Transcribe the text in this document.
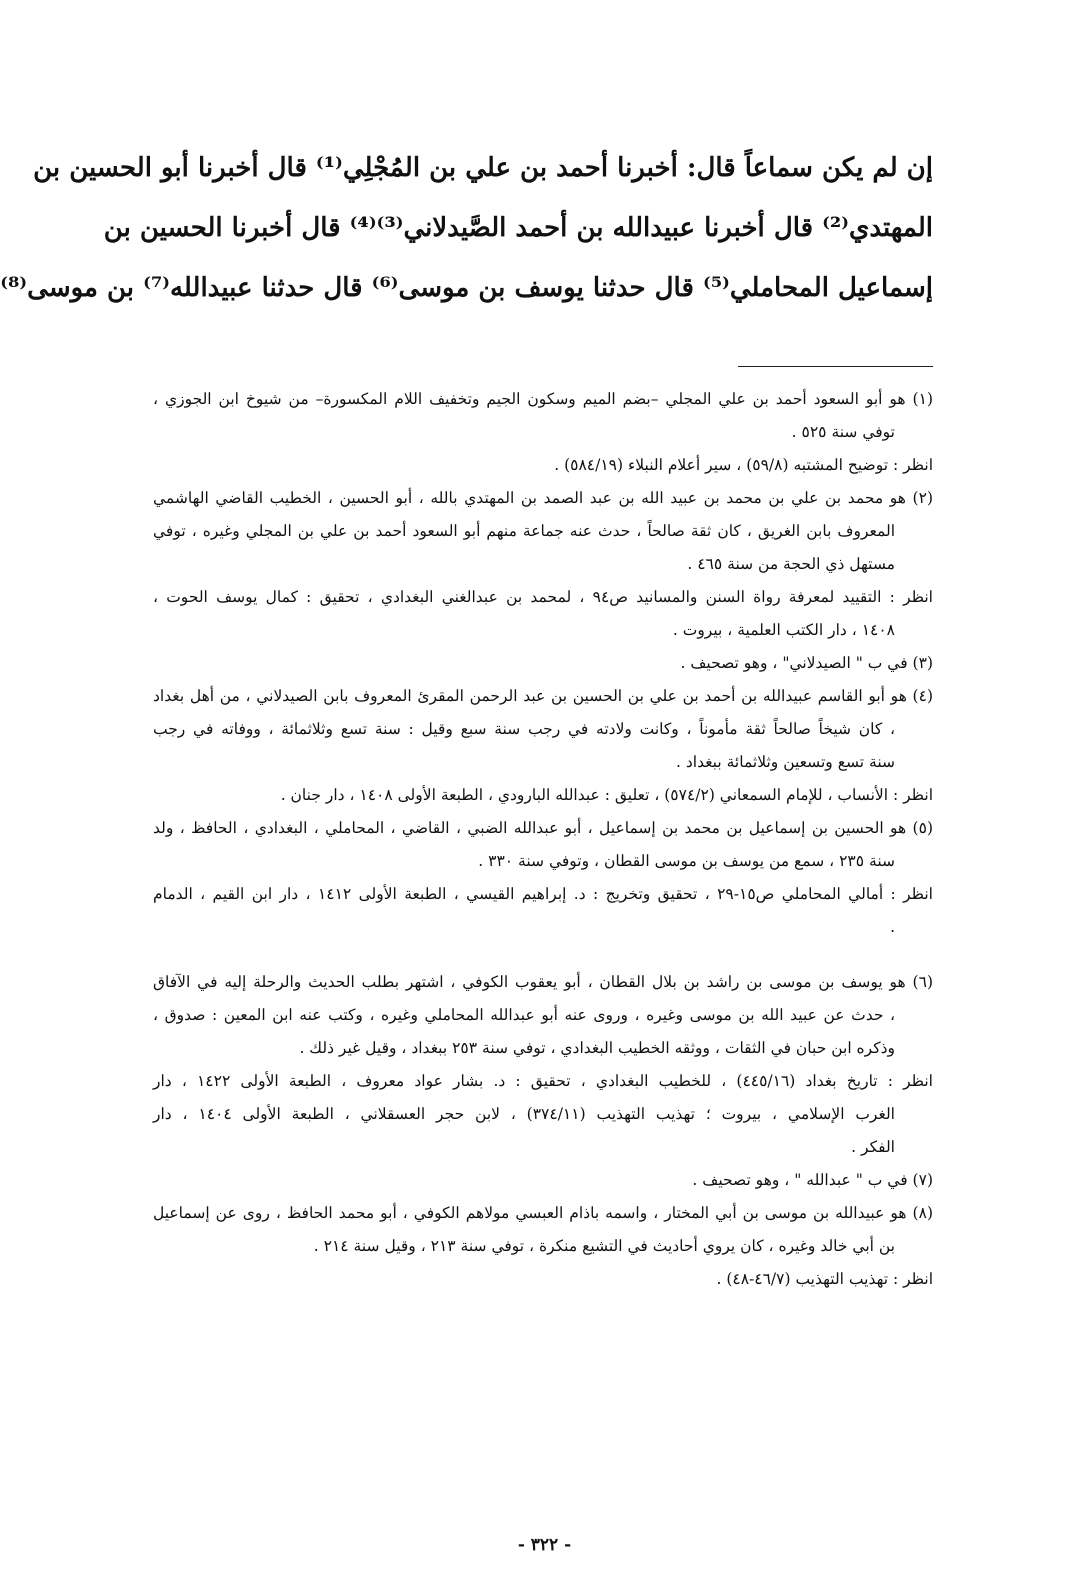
إن لم يكن سماعاً قال: أخبرنا أحمد بن علي بن المُجْلِي⁽¹⁾ قال أخبرنا أبو الحسين بن
المهتدي⁽²⁾ قال أخبرنا عبيدالله بن أحمد الصَّيدلاني⁽³⁾⁽⁴⁾ قال أخبرنا الحسين بن
إسماعيل المحاملي⁽⁵⁾ قال حدثنا يوسف بن موسى⁽⁶⁾ قال حدثنا عبيدالله⁽⁷⁾ بن موسى⁽⁸⁾
(١) هو أبو السعود أحمد بن علي المجلي –بضم الميم وسكون الجيم وتخفيف اللام المكسورة– من شيوخ ابن الجوزي ،
توفي سنة ٥٢٥ .
انظر : توضيح المشتبه (٥٩/٨) ، سير أعلام النبلاء (٥٨٤/١٩) .
(٢) هو محمد بن علي بن محمد بن عبيد الله بن عبد الصمد بن المهتدي بالله ، أبو الحسين ، الخطيب القاضي الهاشمي
المعروف بابن الغريق ، كان ثقة صالحاً ، حدث عنه جماعة منهم أبو السعود أحمد بن علي بن المجلي وغيره ، توفي
مستهل ذي الحجة من سنة ٤٦٥ .
انظر : التقييد لمعرفة رواة السنن والمسانيد ص٩٤ ، لمحمد بن عبدالغني البغدادي ، تحقيق : كمال يوسف الحوت ،
١٤٠٨ ، دار الكتب العلمية ، بيروت .
(٣) في ب " الصيدلاني" ، وهو تصحيف .
(٤) هو أبو القاسم عبيدالله بن أحمد بن علي بن الحسين بن عبد الرحمن المقرئ المعروف بابن الصيدلاني ، من أهل بغداد
، كان شيخاً صالحاً ثقة مأموناً ، وكانت ولادته في رجب سنة سبع وقيل : سنة تسع وثلاثمائة ، ووفاته في رجب
سنة تسع وتسعين وثلاثمائة ببغداد .
انظر : الأنساب ، للإمام السمعاني (٥٧٤/٢) ، تعليق : عبدالله البارودي ، الطبعة الأولى ١٤٠٨ ، دار جنان .
(٥) هو الحسين بن إسماعيل بن محمد بن إسماعيل ، أبو عبدالله الضبي ، القاضي ، المحاملي ، البغدادي ، الحافظ ، ولد
سنة ٢٣٥ ، سمع من يوسف بن موسى القطان ، وتوفي سنة ٣٣٠ .
انظر : أمالي المحاملي ص١٥-٢٩ ، تحقيق وتخريج : د. إبراهيم القيسي ، الطبعة الأولى ١٤١٢ ، دار ابن القيم ، الدمام
.
(٦) هو يوسف بن موسى بن راشد بن بلال القطان ، أبو يعقوب الكوفي ، اشتهر بطلب الحديث والرحلة إليه في الآفاق
، حدث عن عبيد الله بن موسى وغيره ، وروى عنه أبو عبدالله المحاملي وغيره ، وكتب عنه ابن المعين : صدوق ،
وذكره ابن حبان في الثقات ، ووثقه الخطيب البغدادي ، توفي سنة ٢٥٣ ببغداد ، وقيل غير ذلك .
انظر : تاريخ بغداد (٤٤٥/١٦) ، للخطيب البغدادي ، تحقيق : د. بشار عواد معروف ، الطبعة الأولى ١٤٢٢ ، دار
الغرب الإسلامي ، بيروت ؛ تهذيب التهذيب (٣٧٤/١١) ، لابن حجر العسقلاني ، الطبعة الأولى ١٤٠٤ ، دار
الفكر .
(٧) في ب " عبدالله " ، وهو تصحيف .
(٨) هو عبيدالله بن موسى بن أبي المختار ، واسمه باذام العبسي مولاهم الكوفي ، أبو محمد الحافظ ، روى عن إسماعيل
بن أبي خالد وغيره ، كان يروي أحاديث في التشيع منكرة ، توفي سنة ٢١٣ ، وقيل سنة ٢١٤ .
انظر : تهذيب التهذيب (٤٦/٧-٤٨) .
- ٣٢٢ -
